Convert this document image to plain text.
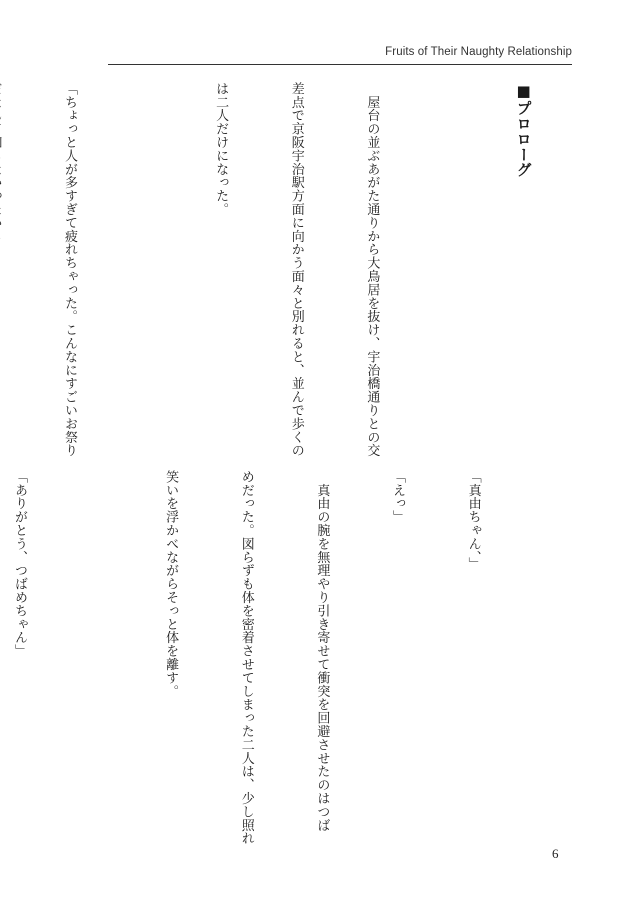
Fruits of Their Naughty Relationship

■プロローグ

　屋台の並ぶあがた通りから大鳥居を抜け、宇治橋通りとの交

差点で京阪宇治駅方面に向かう面々と別れると、並んで歩くの

は二人だけになった。

「ちょっと人が多すぎて疲れちゃった。こんなにすごいお祭り

「真由ちゃん、」

「えっ」

　真由の腕を無理やり引き寄せて衝突を回避させたのはつば

めだった。図らずも体を密着させてしまった二人は、少し照れ

笑いを浮かべながらそっと体を離す。

「ありがとう、つばめちゃん」

6
